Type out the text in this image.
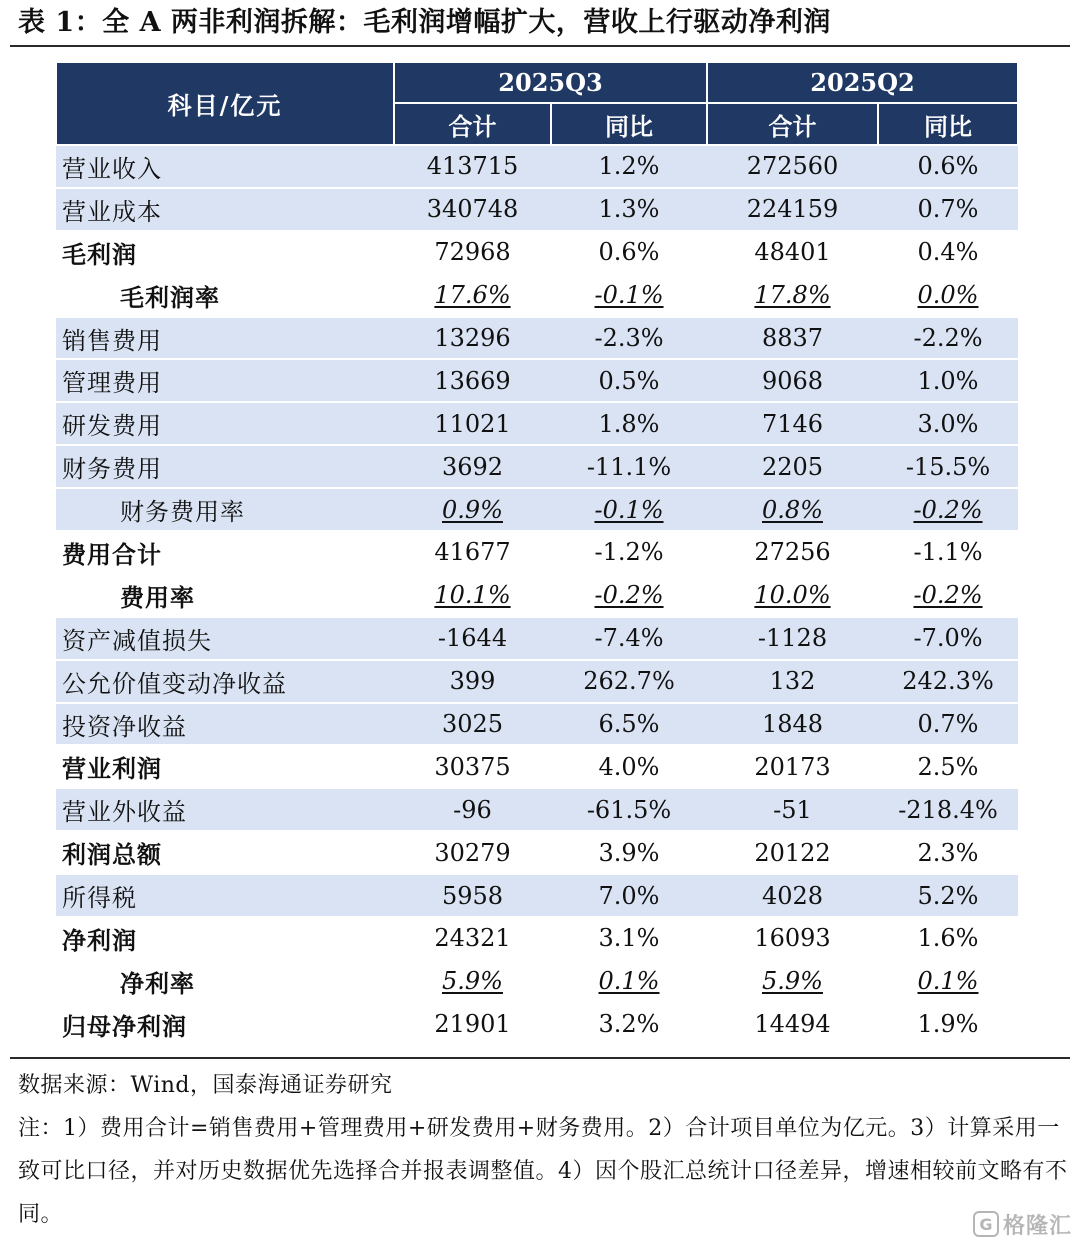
表 1：全 A 两非利润拆解：毛利润增幅扩大，营收上行驱动净利润
科目/亿元	2025Q3		2025Q2	
	合计	同比	合计	同比
营业收入	413715	1.2%	272560	0.6%
营业成本	340748	1.3%	224159	0.7%
毛利润	72968	0.6%	48401	0.4%
毛利润率	17.6%	-0.1%	17.8%	0.0%
销售费用	13296	-2.3%	8837	-2.2%
管理费用	13669	0.5%	9068	1.0%
研发费用	11021	1.8%	7146	3.0%
财务费用	3692	-11.1%	2205	-15.5%
财务费用率	0.9%	-0.1%	0.8%	-0.2%
费用合计	41677	-1.2%	27256	-1.1%
费用率	10.1%	-0.2%	10.0%	-0.2%
资产减值损失	-1644	-7.4%	-1128	-7.0%
公允价值变动净收益	399	262.7%	132	242.3%
投资净收益	3025	6.5%	1848	0.7%
营业利润	30375	4.0%	20173	2.5%
营业外收益	-96	-61.5%	-51	-218.4%
利润总额	30279	3.9%	20122	2.3%
所得税	5958	7.0%	4028	5.2%
净利润	24321	3.1%	16093	1.6%
净利率	5.9%	0.1%	5.9%	0.1%
归母净利润	21901	3.2%	14494	1.9%

数据来源：Wind，国泰海通证券研究

注：1）费用合计=销售费用+管理费用+研发费用+财务费用。2）合计项目单位为亿元。3）计算采用一致可比口径，并对历史数据优先选择合并报表调整值。4）因个股汇总统计口径差异，增速相较前文略有不同。	G 格隆汇
